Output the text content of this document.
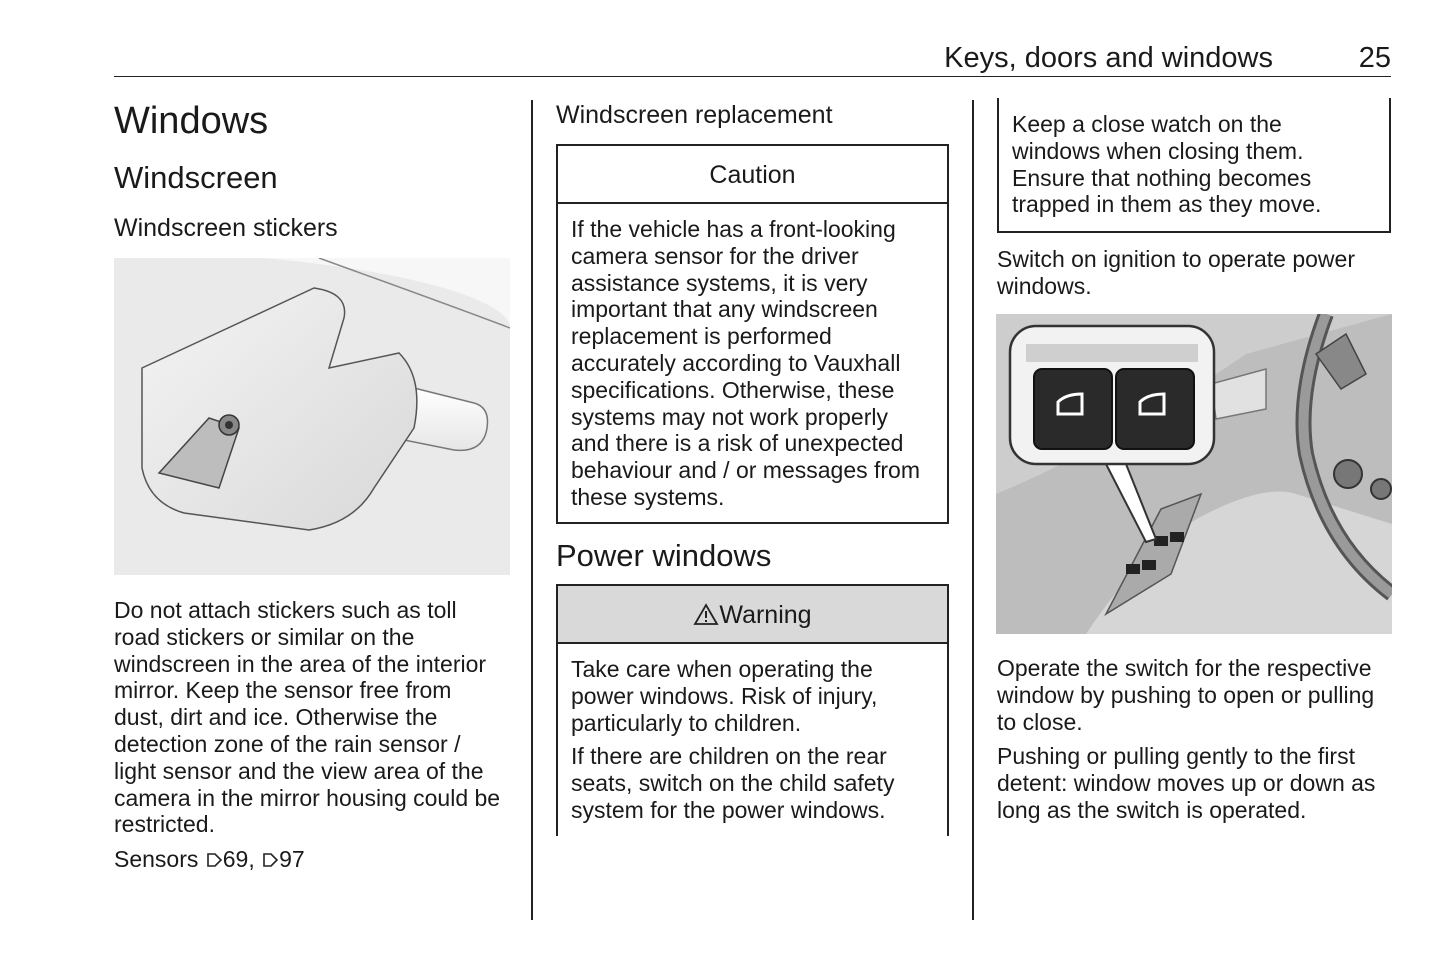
Keys, doors and windows	25
Windows
Windscreen
Windscreen stickers
Do not attach stickers such as toll
road stickers or similar on the
windscreen in the area of the interior
mirror. Keep the sensor free from
dust, dirt and ice. Otherwise the
detection zone of the rain sensor /
light sensor and the view area of the
camera in the mirror housing could be
restricted.
Sensors 69, 97
Windscreen replacement
Caution
If the vehicle has a front-looking
camera sensor for the driver
assistance systems, it is very
important that any windscreen
replacement is performed
accurately according to Vauxhall
specifications. Otherwise, these
systems may not work properly
and there is a risk of unexpected
behaviour and / or messages from
these systems.
Power windows
Warning
Take care when operating the
power windows. Risk of injury,
particularly to children.
If there are children on the rear
seats, switch on the child safety
system for the power windows.
Keep a close watch on the
windows when closing them.
Ensure that nothing becomes
trapped in them as they move.
Switch on ignition to operate power
windows.
Operate the switch for the respective
window by pushing to open or pulling
to close.
Pushing or pulling gently to the first
detent: window moves up or down as
long as the switch is operated.
